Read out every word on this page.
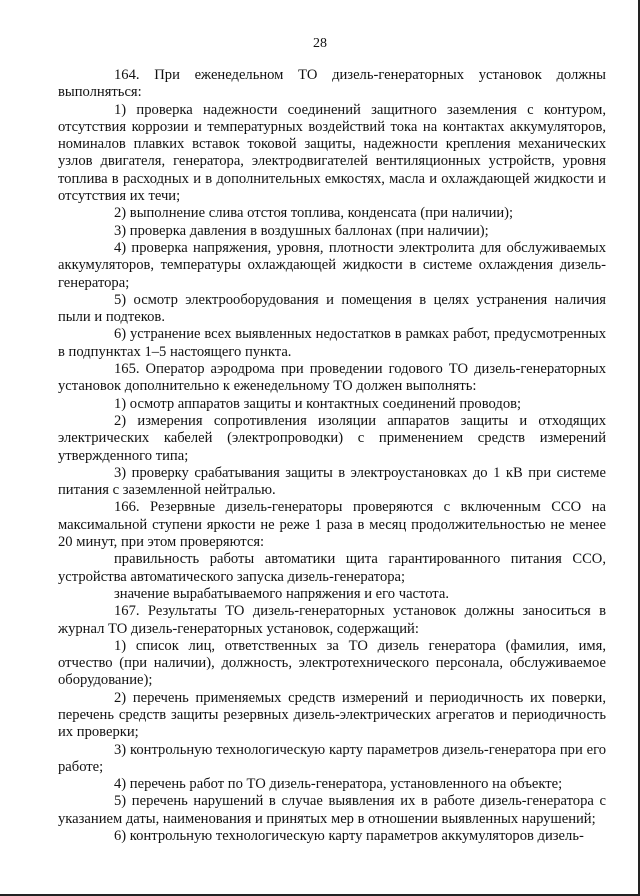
28

164. При еженедельном ТО дизель-генераторных установок должны выполняться:

1) проверка надежности соединений защитного заземления с контуром, отсутствия коррозии и температурных воздействий тока на контактах аккумуляторов, номиналов плавких вставок токовой защиты, надежности крепления механических узлов двигателя, генератора, электродвигателей вентиляционных устройств, уровня топлива в расходных и в дополнительных емкостях, масла и охлаждающей жидкости и отсутствия их течи;

2) выполнение слива отстоя топлива, конденсата (при наличии);

3) проверка давления в воздушных баллонах (при наличии);

4) проверка напряжения, уровня, плотности электролита для обслуживаемых аккумуляторов, температуры охлаждающей жидкости в системе охлаждения дизель-генератора;

5) осмотр электрооборудования и помещения в целях устранения наличия пыли и подтеков.

6) устранение всех выявленных недостатков в рамках работ, предусмотренных в подпунктах 1–5 настоящего пункта.

165. Оператор аэродрома при проведении годового ТО дизель-генераторных установок дополнительно к еженедельному ТО должен выполнять:

1) осмотр аппаратов защиты и контактных соединений проводов;

2) измерения сопротивления изоляции аппаратов защиты и отходящих электрических кабелей (электропроводки) с применением средств измерений утвержденного типа;

3) проверку срабатывания защиты в электроустановках до 1 кВ при системе питания с заземленной нейтралью.

166. Резервные дизель-генераторы проверяются с включенным ССО на максимальной ступени яркости не реже 1 раза в месяц продолжительностью не менее 20 минут, при этом проверяются:

правильность работы автоматики щита гарантированного питания ССО, устройства автоматического запуска дизель-генератора;

значение вырабатываемого напряжения и его частота.

167. Результаты ТО дизель-генераторных установок должны заноситься в журнал ТО дизель-генераторных установок, содержащий:

1) список лиц, ответственных за ТО дизель генератора (фамилия, имя, отчество (при наличии), должность, электротехнического персонала, обслуживаемое оборудование);

2) перечень применяемых средств измерений и периодичность их поверки, перечень средств защиты резервных дизель-электрических агрегатов и периодичность их проверки;

3) контрольную технологическую карту параметров дизель-генератора при его работе;

4) перечень работ по ТО дизель-генератора, установленного на объекте;

5) перечень нарушений в случае выявления их в работе дизель-генератора с указанием даты, наименования и принятых мер в отношении выявленных нарушений;

6) контрольную технологическую карту параметров аккумуляторов дизель-
